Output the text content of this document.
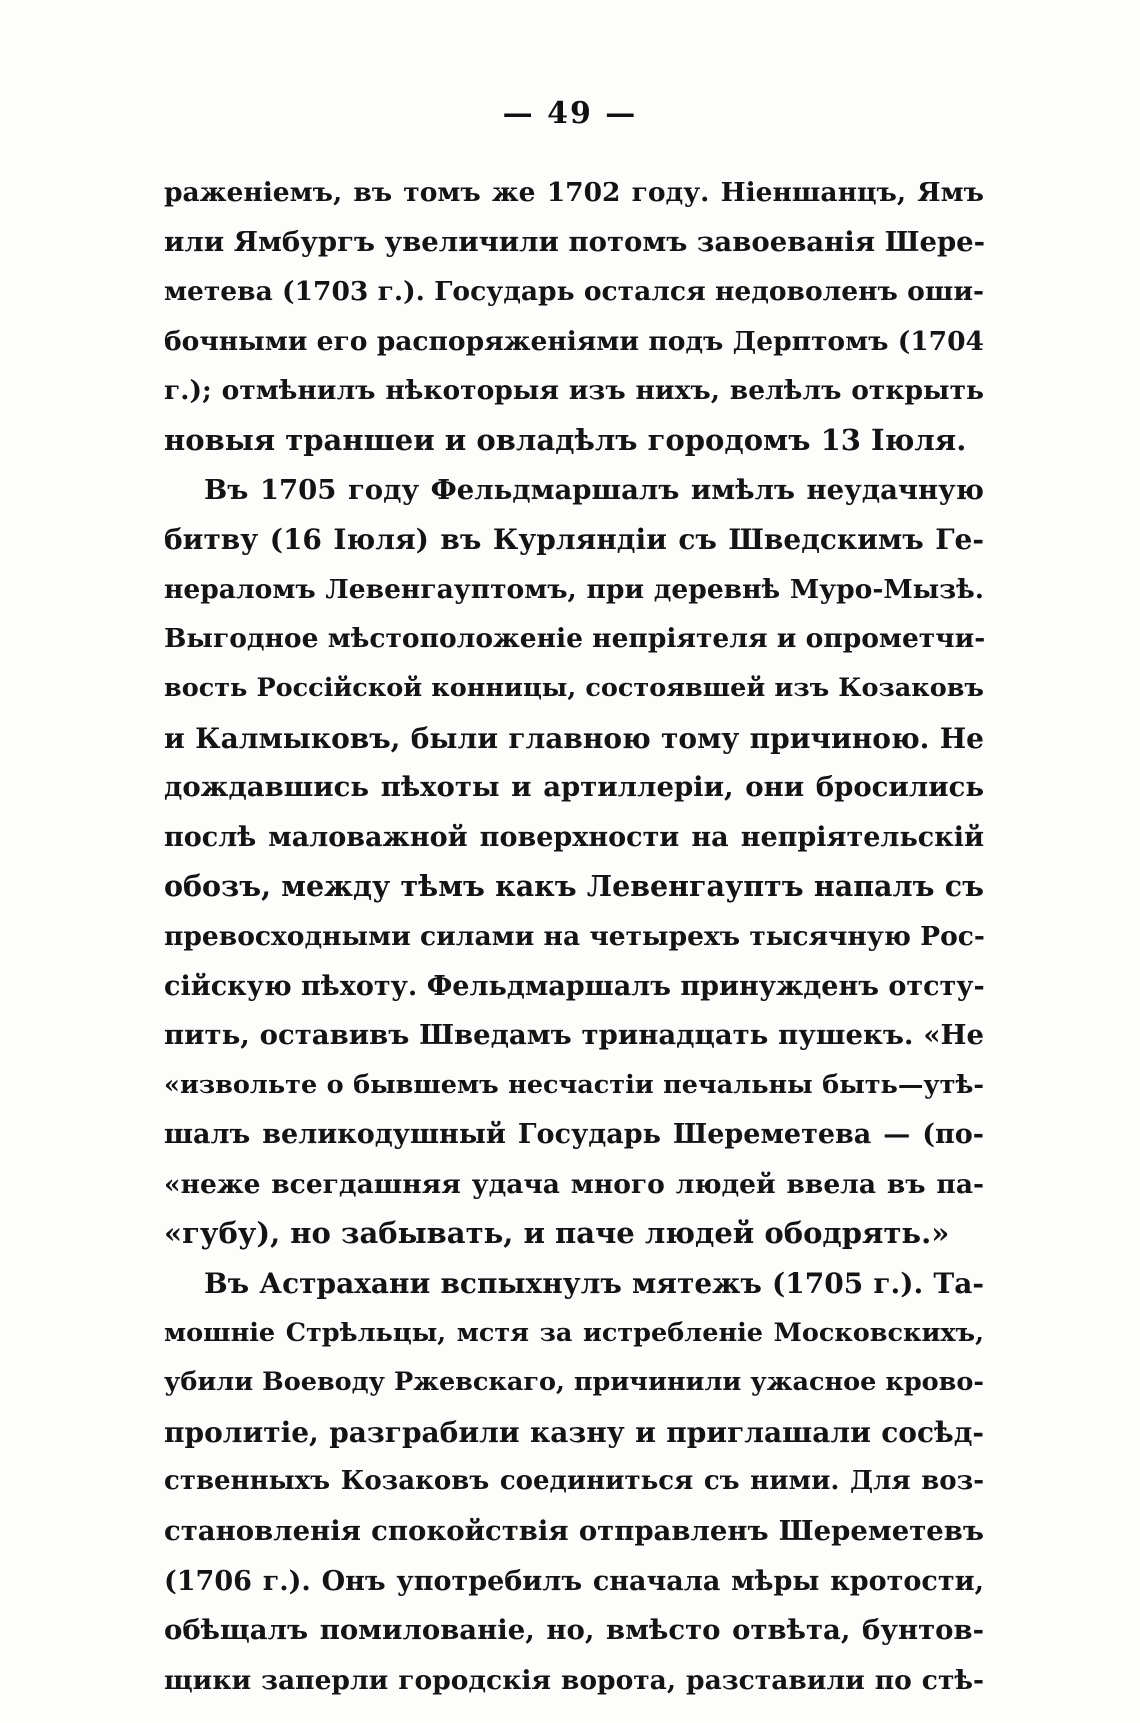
— 49 —
раженіемъ, въ томъ же 1702 году. Ніеншанцъ, Ямъ
или Ямбургъ увеличили потомъ завоеванія Шере-
метева (1703 г.). Государь остался недоволенъ оши-
бочными его распоряженіями подъ Дерптомъ (1704
г.); отмѣнилъ нѣкоторыя изъ нихъ, велѣлъ открыть
новыя траншеи и овладѣлъ городомъ 13 Іюля.
Въ 1705 году Фельдмаршалъ имѣлъ неудачную
битву (16 Іюля) въ Курляндіи съ Шведскимъ Ге-
нераломъ Левенгауптомъ, при деревнѣ Муро-Мызѣ.
Выгодное мѣстоположеніе непріятеля и опрометчи-
вость Россійской конницы, состоявшей изъ Козаковъ
и Калмыковъ, были главною тому причиною. Не
дождавшись пѣхоты и артиллеріи, они бросились
послѣ маловажной поверхности на непріятельскій
обозъ, между тѣмъ какъ Левенгауптъ напалъ съ
превосходными силами на четырехъ тысячную Рос-
сійскую пѣхоту. Фельдмаршалъ принужденъ отсту-
пить, оставивъ Шведамъ тринадцать пушекъ. «Не
«извольте о бывшемъ несчастіи печальны быть—утѣ-
шалъ великодушный Государь Шереметева — (по-
«неже всегдашняя удача много людей ввела въ па-
«губу), но забывать, и паче людей ободрять.»
Въ Астрахани вспыхнулъ мятежъ (1705 г.). Та-
мошніе Стрѣльцы, мстя за истребленіе Московскихъ,
убили Воеводу Ржевскаго, причинили ужасное крово-
пролитіе, разграбили казну и приглашали сосѣд-
ственныхъ Козаковъ соединиться съ ними. Для воз-
становленія спокойствія отправленъ Шереметевъ
(1706 г.). Онъ употребилъ сначала мѣры кротости,
обѣщалъ помилованіе, но, вмѣсто отвѣта, бунтов-
щики заперли городскія ворота, разставили по стѣ-
